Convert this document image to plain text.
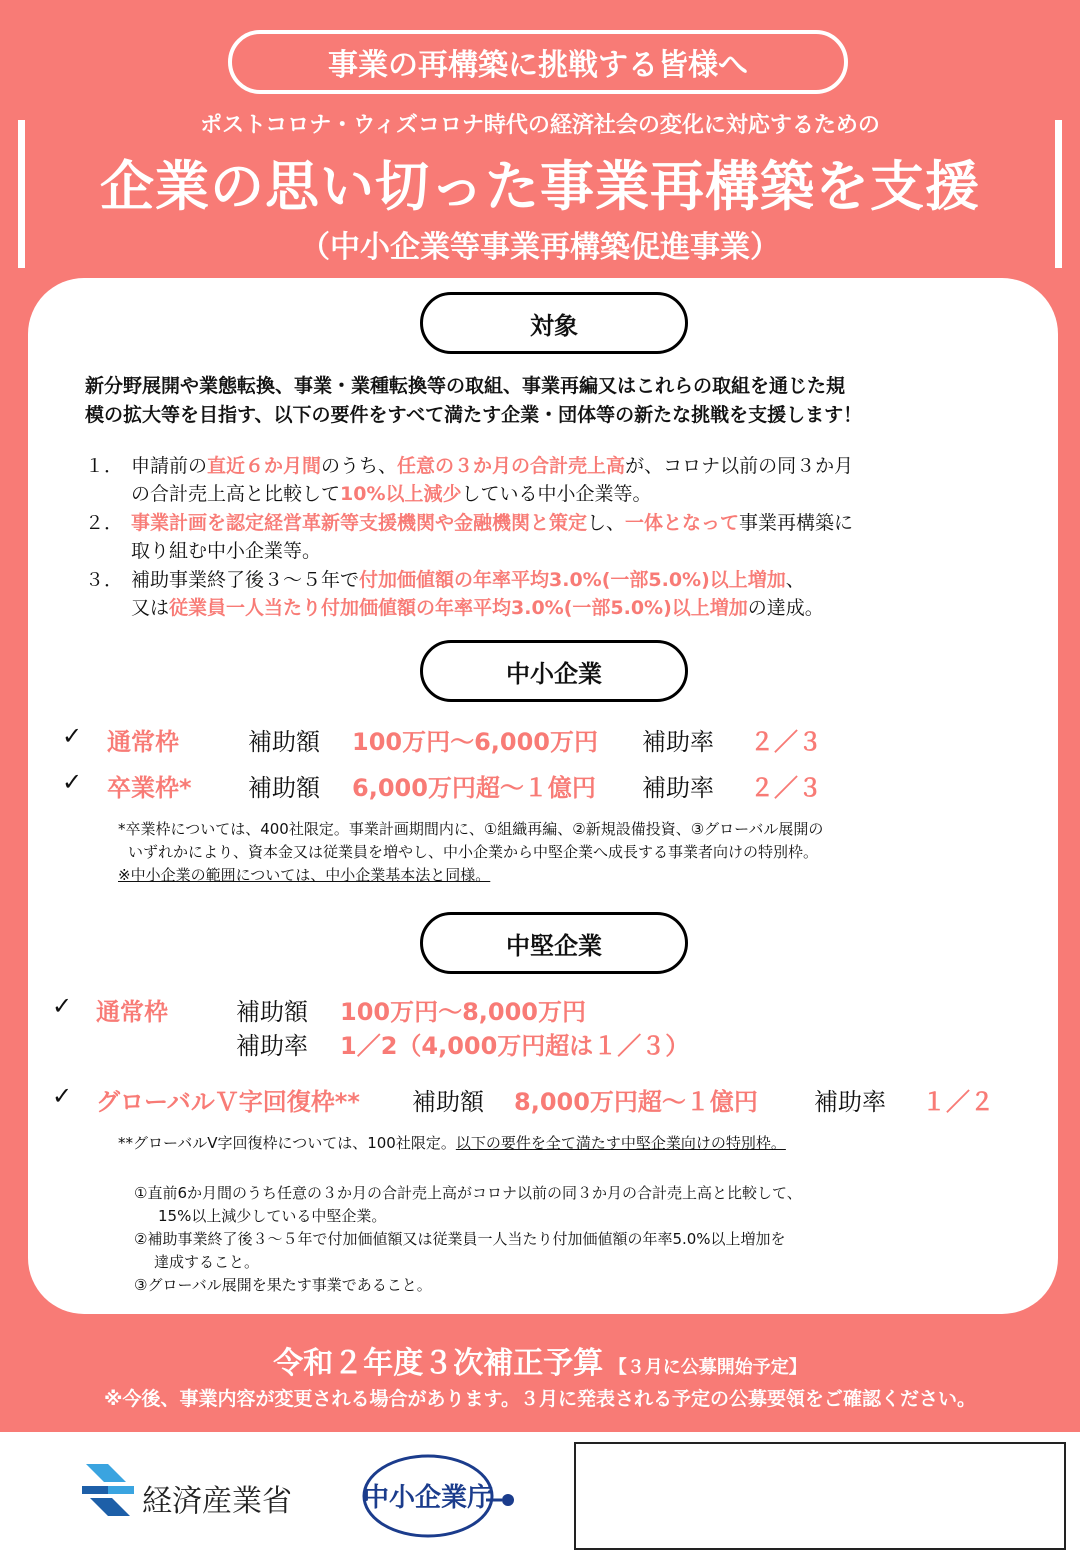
事業の再構築に挑戦する皆様へ
ポストコロナ・ウィズコロナ時代の経済社会の変化に対応するための
企業の思い切った事業再構築を支援
（中小企業等事業再構築促進事業）
対象
新分野展開や業態転換、事業・業種転換等の取組、事業再編又はこれらの取組を通じた規
模の拡大等を目指す、以下の要件をすべて満たす企業・団体等の新たな挑戦を支援します！
１． 申請前の直近６か月間のうち、任意の３か月の合計売上高が、コロナ以前の同３か月
の合計売上高と比較して10%以上減少している中小企業等。
２． 事業計画を認定経営革新等支援機関や金融機関と策定し、一体となって事業再構築に
取り組む中小企業等。
３． 補助事業終了後３～５年で付加価値額の年率平均3.0%(一部5.0%)以上増加、
又は従業員一人当たり付加価値額の年率平均3.0%(一部5.0%)以上増加の達成。
中小企業
✓ 通常枠	補助額 100万円～6,000万円 補助率 ２／３
✓ 卒業枠* 補助額 6,000万円超～１億円 補助率 ２／３
*卒業枠については、400社限定。事業計画期間内に、①組織再編、②新規設備投資、③グローバル展開の
いずれかにより、資本金又は従業員を増やし、中小企業から中堅企業へ成長する事業者向けの特別枠。
※中小企業の範囲については、中小企業基本法と同様。
中堅企業
✓ 通常枠	補助額 100万円～8,000万円
補助率 1／2（4,000万円超は１／３）
✓ グローバルＶ字回復枠** 補助額 8,000万円超～１億円 補助率 １／２
**グローバルV字回復枠については、100社限定。以下の要件を全て満たす中堅企業向けの特別枠。
①直前6か月間のうち任意の３か月の合計売上高がコロナ以前の同３か月の合計売上高と比較して、
15%以上減少している中堅企業。
②補助事業終了後３～５年で付加価値額又は従業員一人当たり付加価値額の年率5.0%以上増加を
達成すること。
③グローバル展開を果たす事業であること。
令和２年度３次補正予算 【３月に公募開始予定】
※今後、事業内容が変更される場合があります。３月に発表される予定の公募要領をご確認ください。
経済産業省	中小企業庁
